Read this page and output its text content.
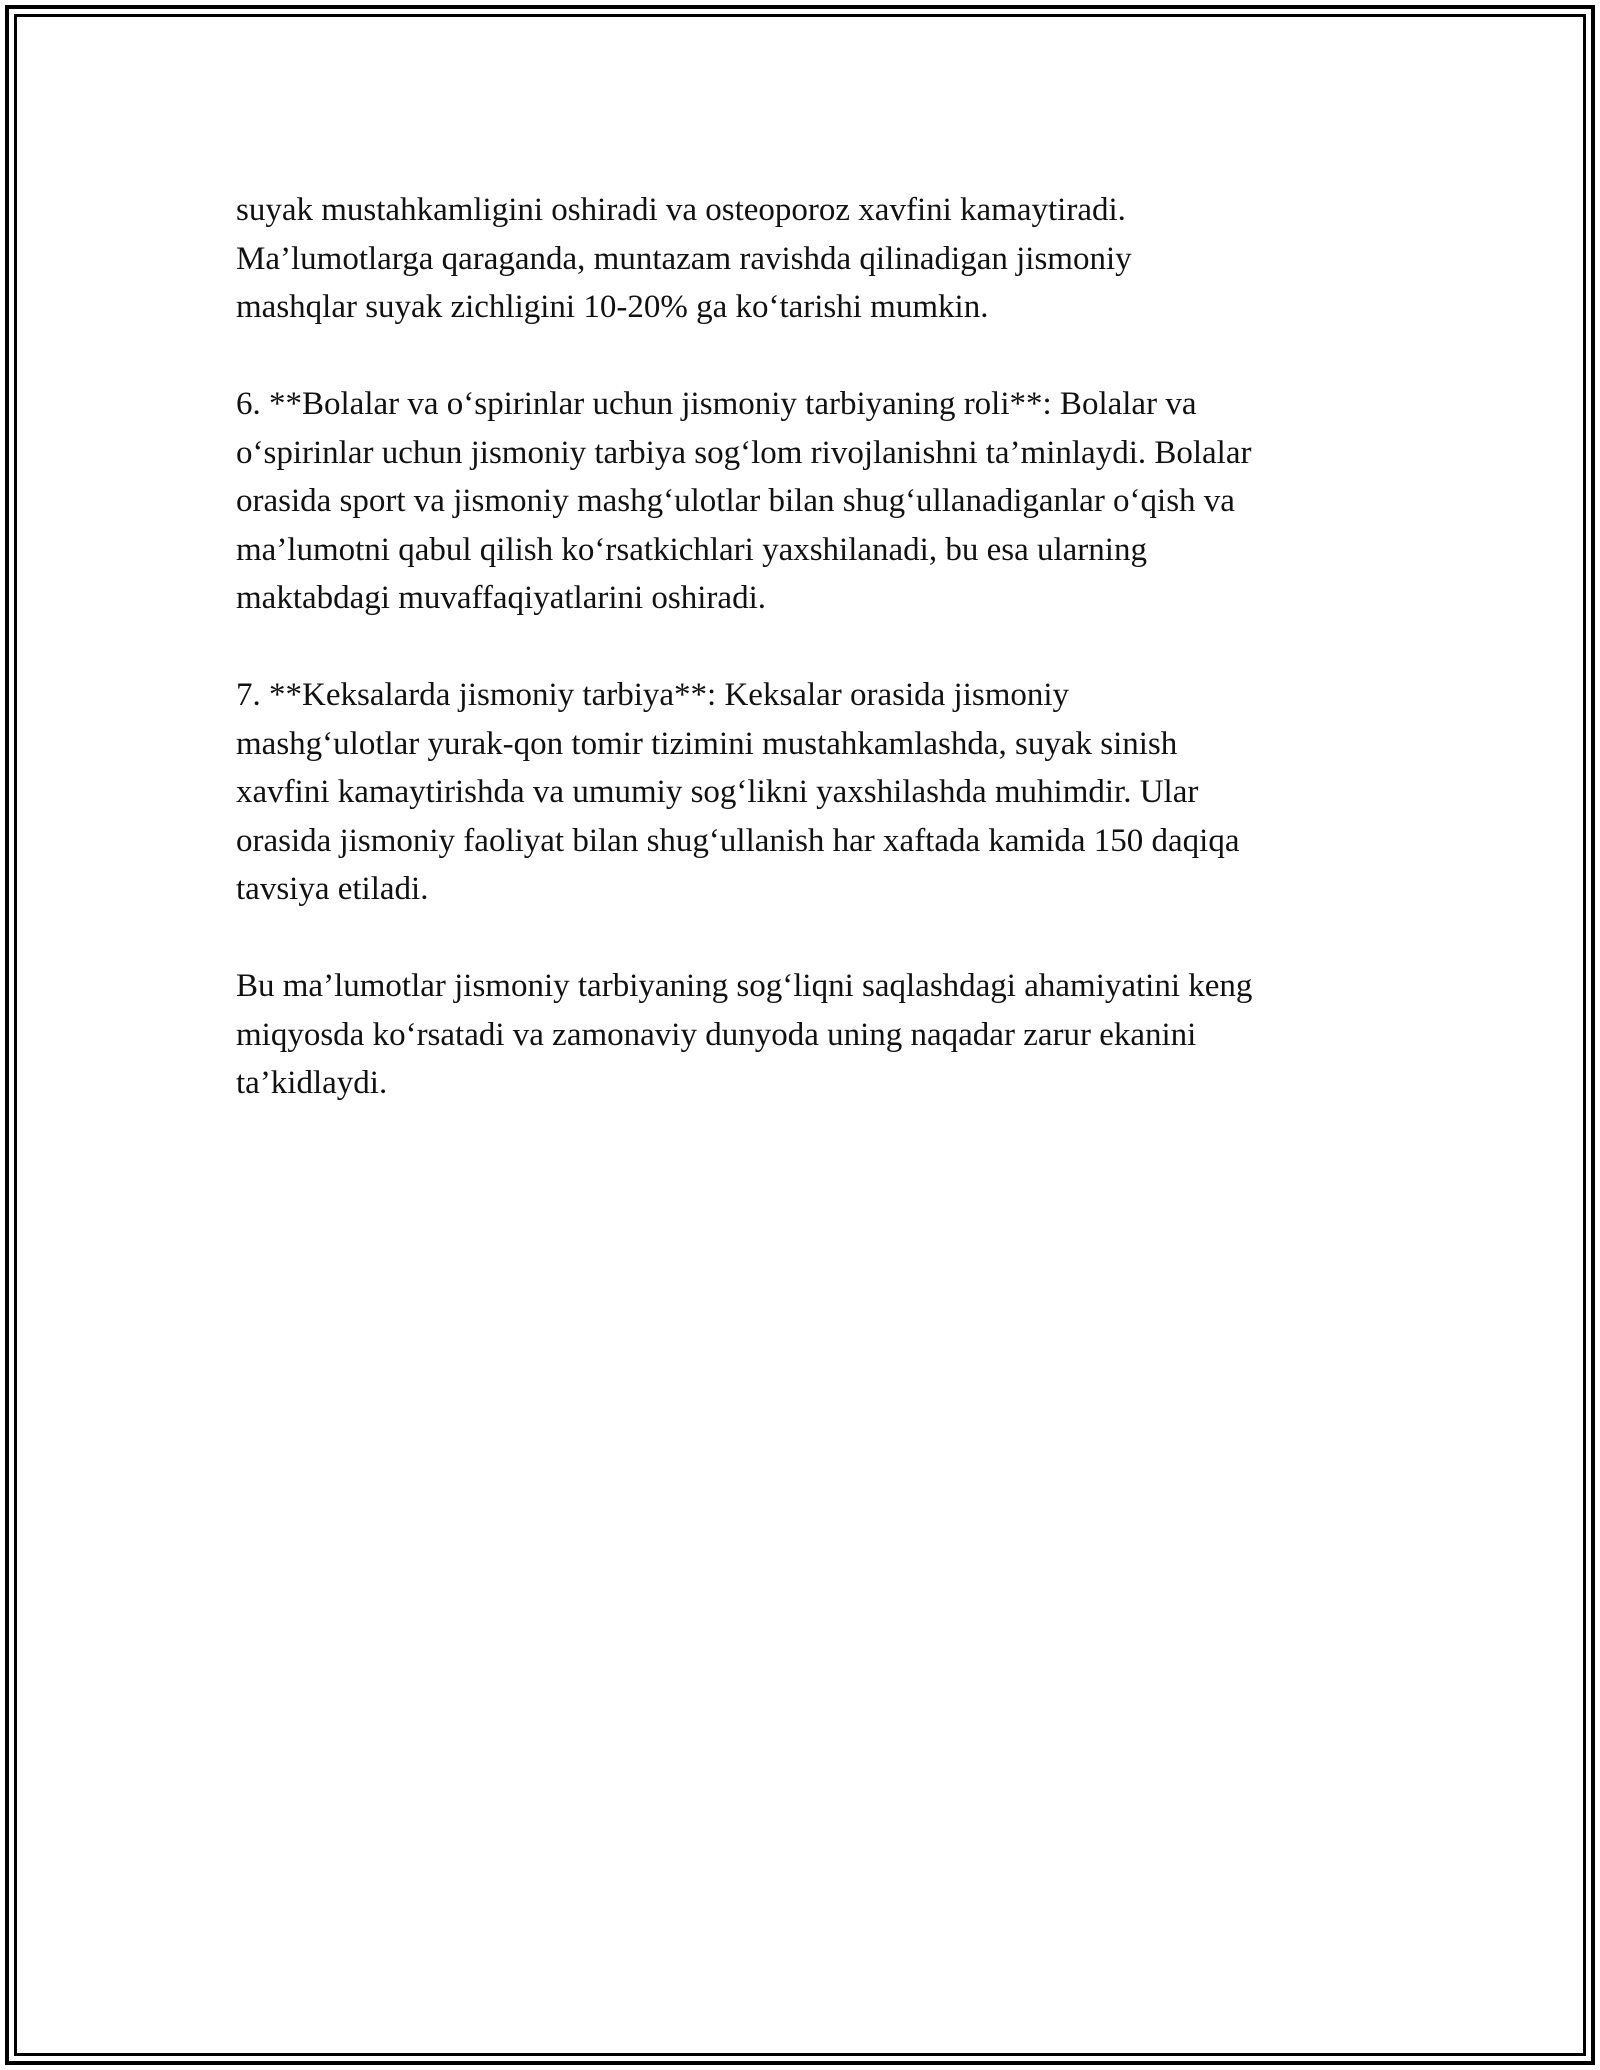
suyak mustahkamligini oshiradi va osteoporoz xavfini kamaytiradi.
Ma’lumotlarga qaraganda, muntazam ravishda qilinadigan jismoniy
mashqlar suyak zichligini 10-20% ga ko‘tarishi mumkin.
6. **Bolalar va o‘spirinlar uchun jismoniy tarbiyaning roli**: Bolalar va
o‘spirinlar uchun jismoniy tarbiya sog‘lom rivojlanishni ta’minlaydi. Bolalar
orasida sport va jismoniy mashg‘ulotlar bilan shug‘ullanadiganlar o‘qish va
ma’lumotni qabul qilish ko‘rsatkichlari yaxshilanadi, bu esa ularning
maktabdagi muvaffaqiyatlarini oshiradi.
7. **Keksalarda jismoniy tarbiya**: Keksalar orasida jismoniy
mashg‘ulotlar yurak-qon tomir tizimini mustahkamlashda, suyak sinish
xavfini kamaytirishda va umumiy sog‘likni yaxshilashda muhimdir. Ular
orasida jismoniy faoliyat bilan shug‘ullanish har xaftada kamida 150 daqiqa
tavsiya etiladi.
Bu ma’lumotlar jismoniy tarbiyaning sog‘liqni saqlashdagi ahamiyatini keng
miqyosda ko‘rsatadi va zamonaviy dunyoda uning naqadar zarur ekanini
ta’kidlaydi.
